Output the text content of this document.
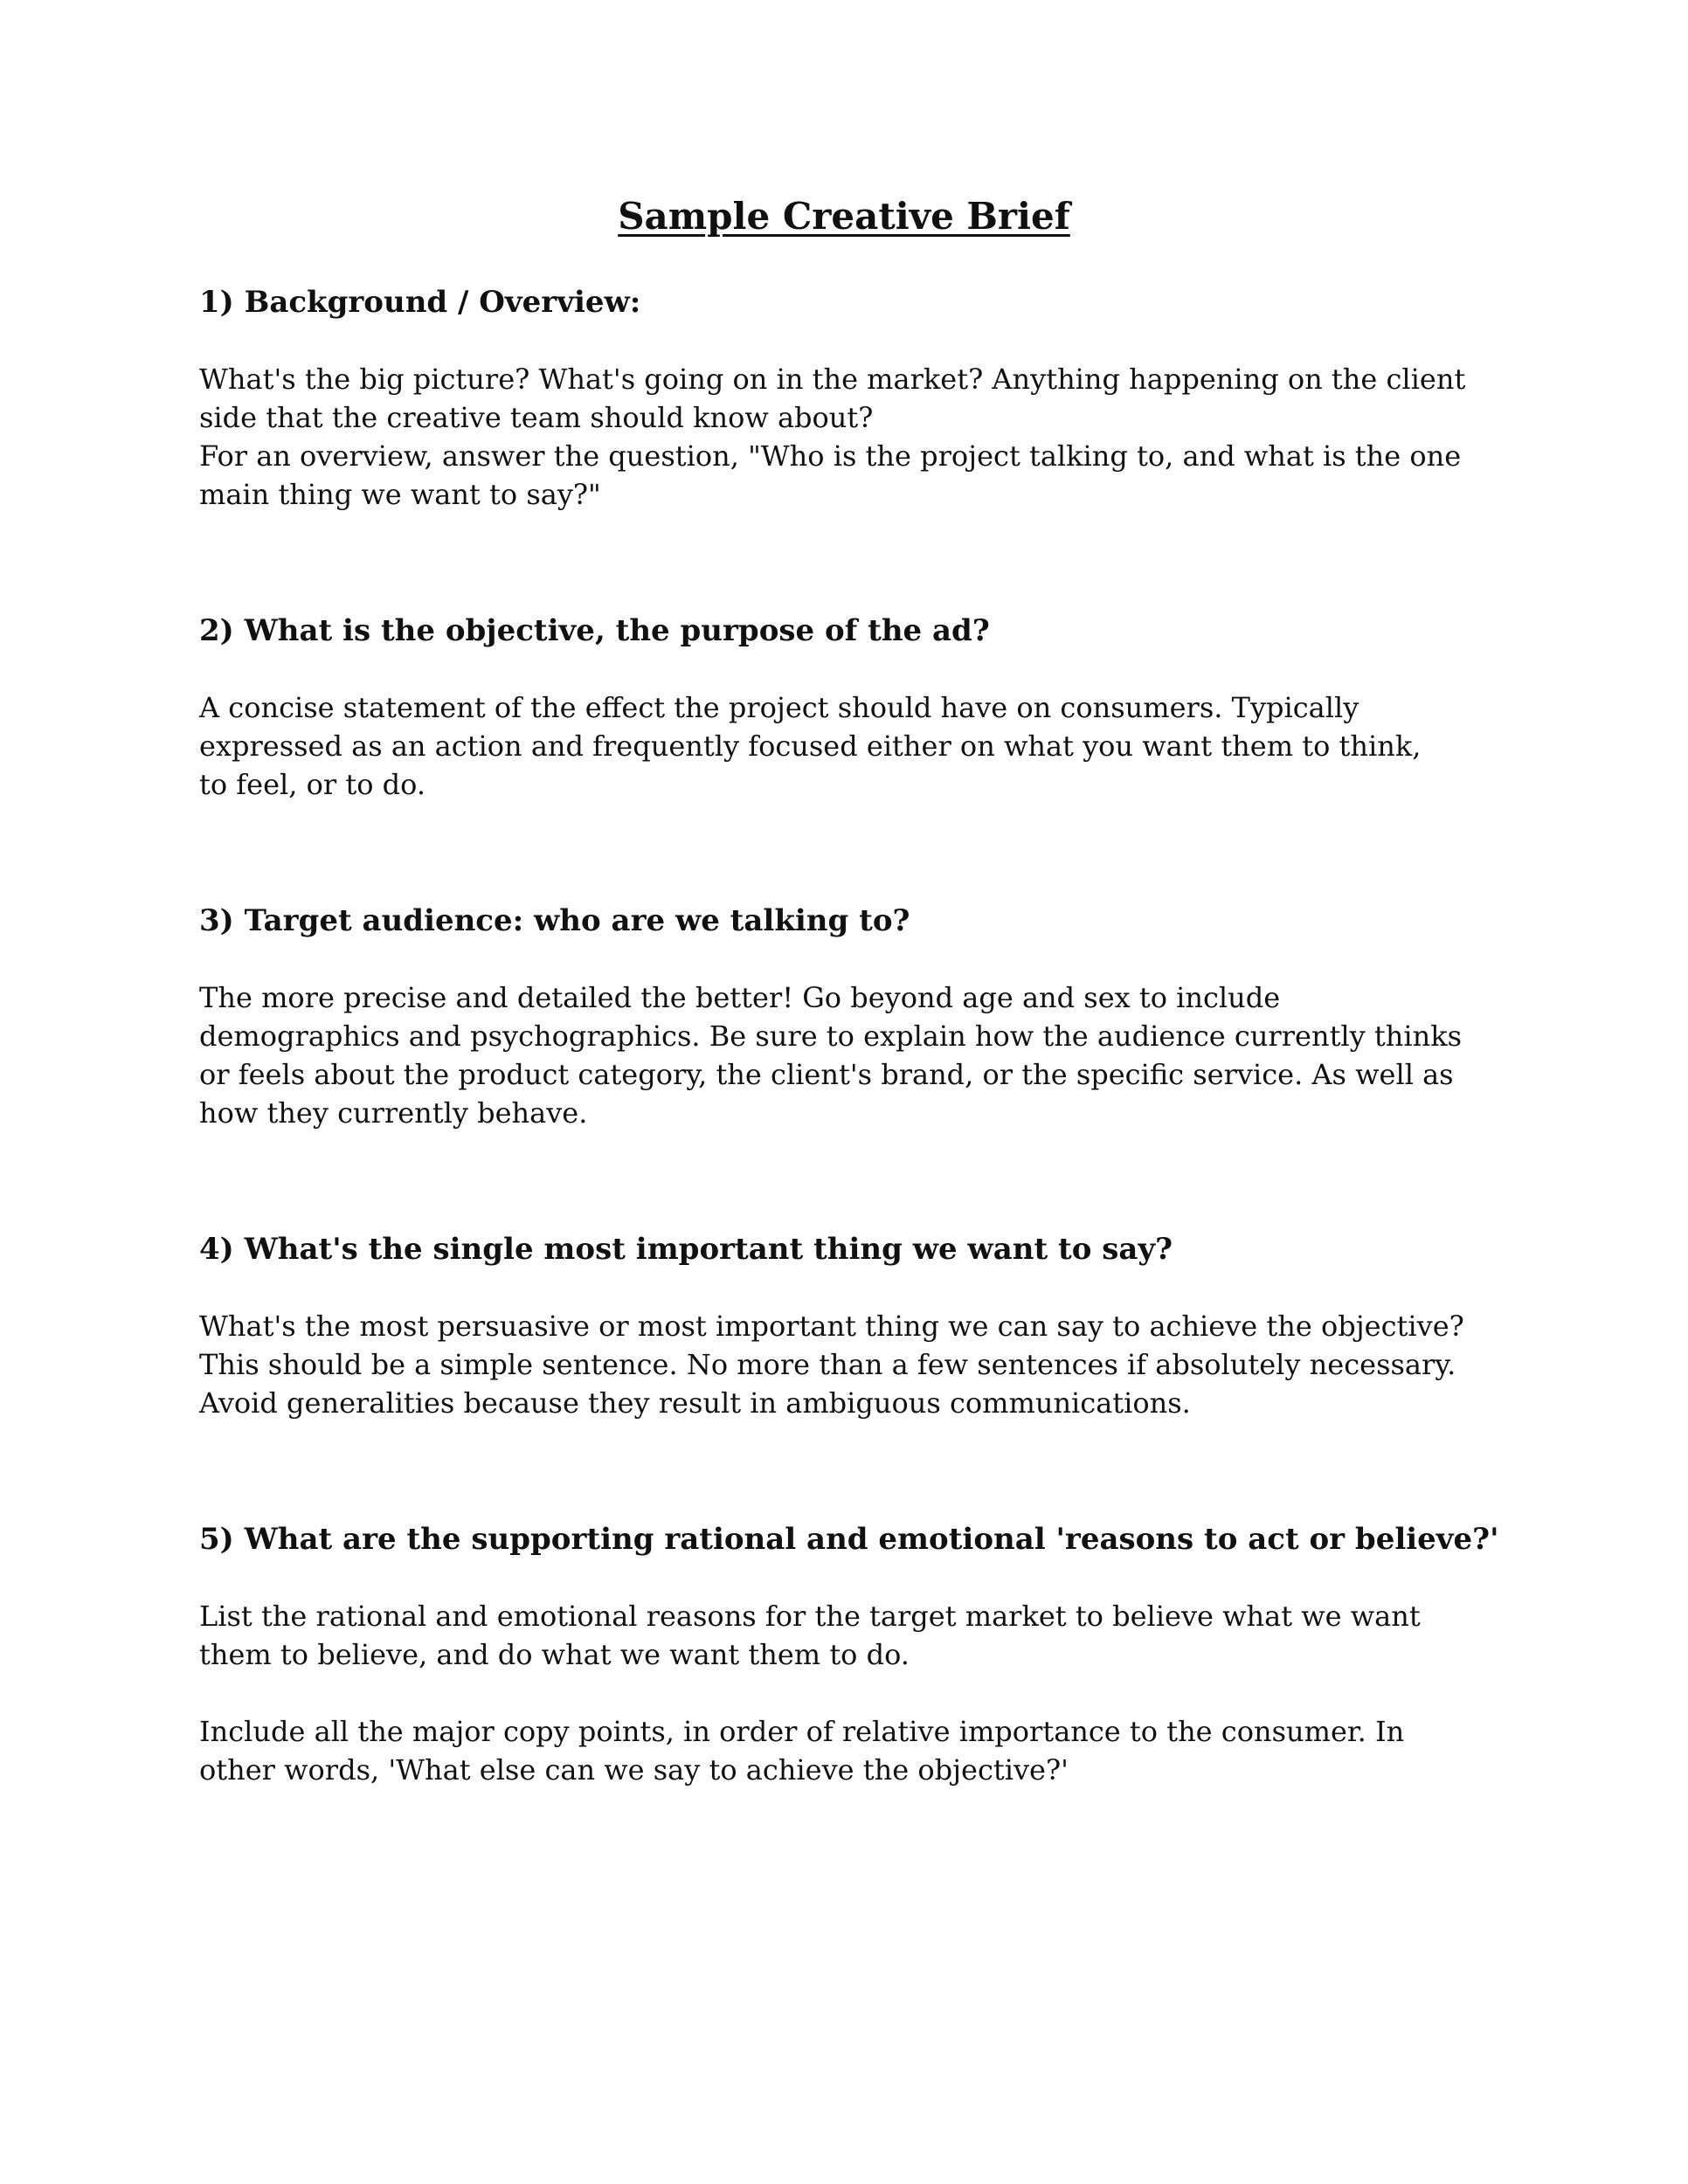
Sample Creative Brief
1) Background / Overview:

What's the big picture? What's going on in the market? Anything happening on the client
side that the creative team should know about?
For an overview, answer the question, "Who is the project talking to, and what is the one
main thing we want to say?"

2) What is the objective, the purpose of the ad?

A concise statement of the effect the project should have on consumers. Typically
expressed as an action and frequently focused either on what you want them to think,
to feel, or to do.

3) Target audience: who are we talking to?

The more precise and detailed the better! Go beyond age and sex to include
demographics and psychographics. Be sure to explain how the audience currently thinks
or feels about the product category, the client's brand, or the specific service. As well as
how they currently behave.

4) What's the single most important thing we want to say?

What's the most persuasive or most important thing we can say to achieve the objective?
This should be a simple sentence. No more than a few sentences if absolutely necessary.
Avoid generalities because they result in ambiguous communications.

5) What are the supporting rational and emotional 'reasons to act or believe?'

List the rational and emotional reasons for the target market to believe what we want
them to believe, and do what we want them to do.

Include all the major copy points, in order of relative importance to the consumer. In
other words, 'What else can we say to achieve the objective?'
